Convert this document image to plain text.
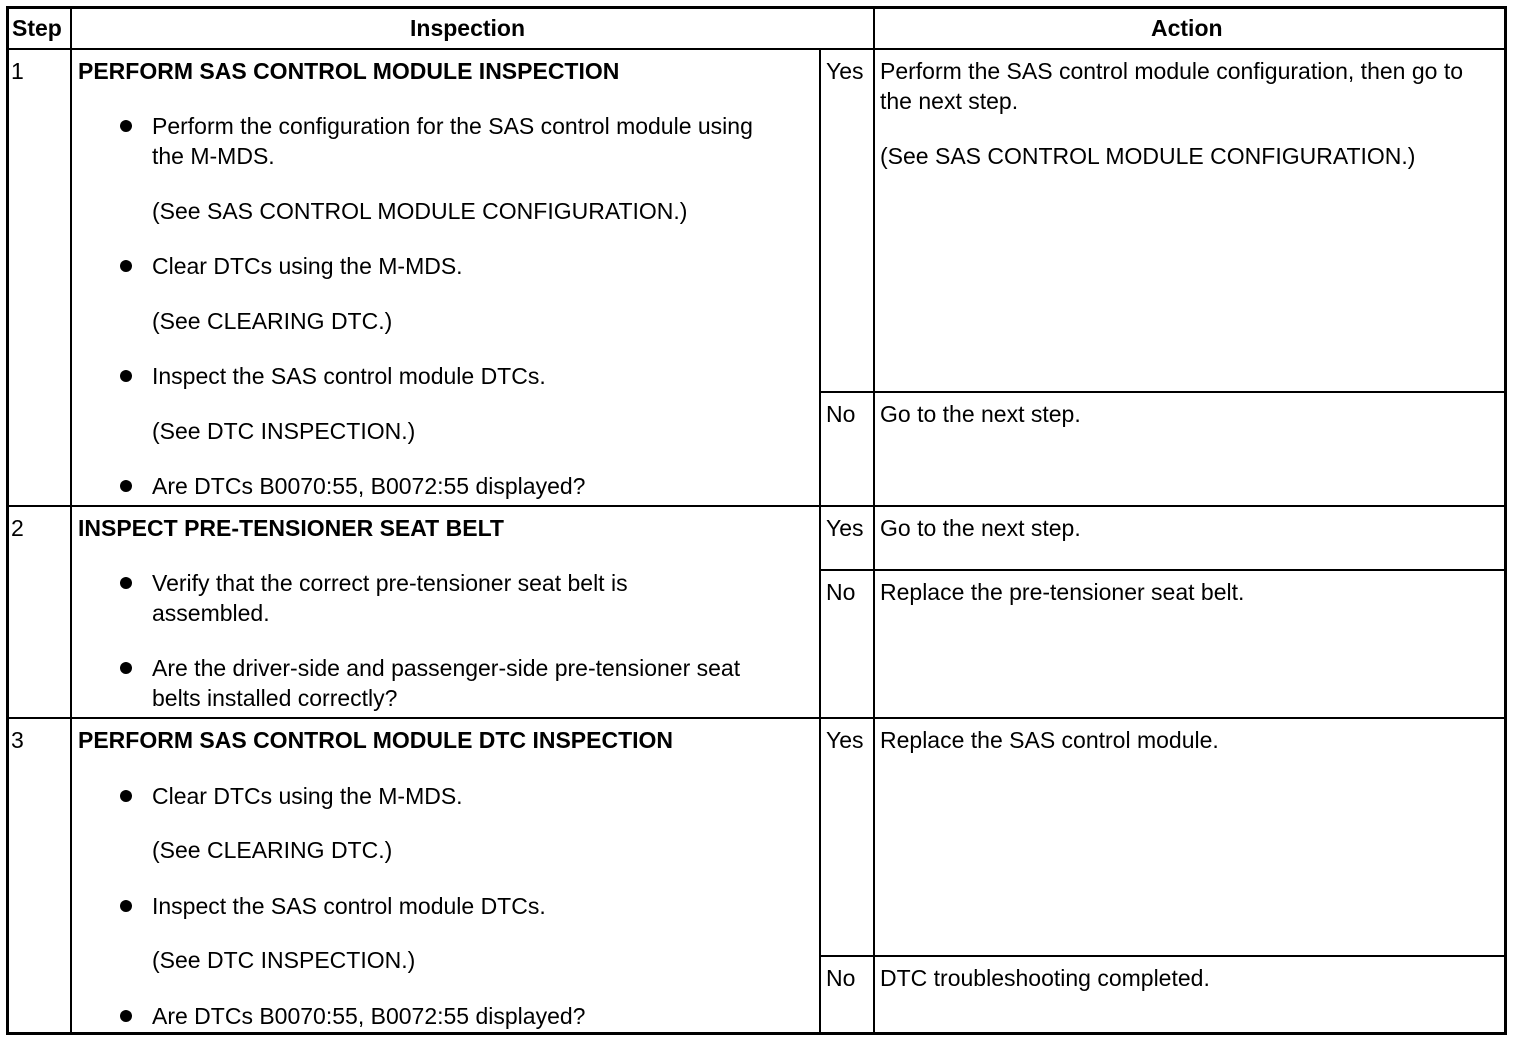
Step	Inspection	Action
1 PERFORM SAS CONTROL MODULE INSPECTION
Perform the configuration for the SAS control module using the M-MDS.
(See SAS CONTROL MODULE CONFIGURATION.)
Clear DTCs using the M-MDS.
(See CLEARING DTC.)
Inspect the SAS control module DTCs.
(See DTC INSPECTION.)
Are DTCs B0070:55, B0072:55 displayed?
Yes Perform the SAS control module configuration, then go to the next step.
(See SAS CONTROL MODULE CONFIGURATION.)
No Go to the next step.
2 INSPECT PRE-TENSIONER SEAT BELT
Verify that the correct pre-tensioner seat belt is assembled.
Are the driver-side and passenger-side pre-tensioner seat belts installed correctly?
Yes Go to the next step.
No Replace the pre-tensioner seat belt.
3 PERFORM SAS CONTROL MODULE DTC INSPECTION
Clear DTCs using the M-MDS.
(See CLEARING DTC.)
Inspect the SAS control module DTCs.
(See DTC INSPECTION.)
Are DTCs B0070:55, B0072:55 displayed?
Yes Replace the SAS control module.
No DTC troubleshooting completed.
